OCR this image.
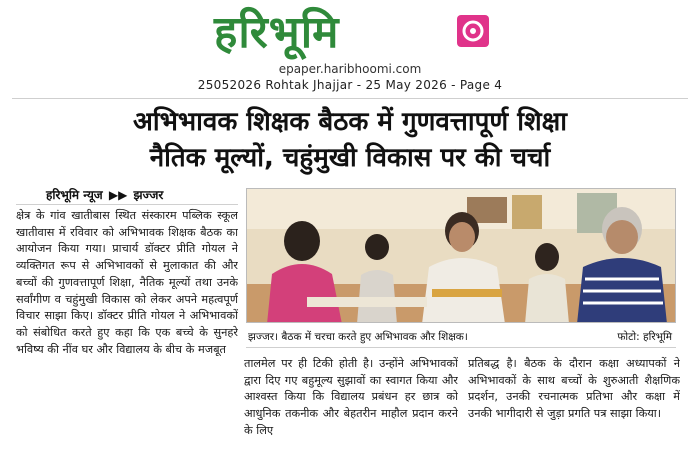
हरिभूमि
epaper.haribhoomi.com
25052026 Rohtak Jhajjar - 25 May 2026 - Page 4
अभिभावक शिक्षक बैठक में गुणवत्तापूर्ण शिक्षा
नैतिक मूल्यों, चहुंमुखी विकास पर की चर्चा
हरिभूमि न्यूज ▶▶ झज्जर
क्षेत्र के गांव खातीबास स्थित संस्कारम पब्लिक स्कूल खातीवास में रविवार को अभिभावक शिक्षक बैठक का आयोजन किया गया। प्राचार्य डॉक्टर प्रीति गोयल ने व्यक्तिगत रूप से अभिभावकों से मुलाकात की और बच्चों की गुणवत्तापूर्ण शिक्षा, नैतिक मूल्यों तथा उनके सर्वांगीण व चहुंमुखी विकास को लेकर अपने महत्वपूर्ण विचार साझा किए। डॉक्टर प्रीति गोयल ने अभिभावकों को संबोधित करते हुए कहा कि एक बच्चे के सुनहरे भविष्य की नींव घर और विद्यालय के बीच के मजबूत
झज्जर। बैठक में चरचा करते हुए अभिभावक और शिक्षक।	फोटो: हरिभूमि
तालमेल पर ही टिकी होती है। उन्होंने अभिभावकों द्वारा दिए गए बहुमूल्य सुझावों का स्वागत किया और आश्वस्त किया कि विद्यालय प्रबंधन हर छात्र को आधुनिक तकनीक और बेहतरीन माहौल प्रदान करने के लिए
प्रतिबद्ध है। बैठक के दौरान कक्षा अध्यापकों ने अभिभावकों के साथ बच्चों के शुरुआती शैक्षणिक प्रदर्शन, उनकी रचनात्मक प्रतिभा और कक्षा में उनकी भागीदारी से जुड़ा प्रगति पत्र साझा किया।
